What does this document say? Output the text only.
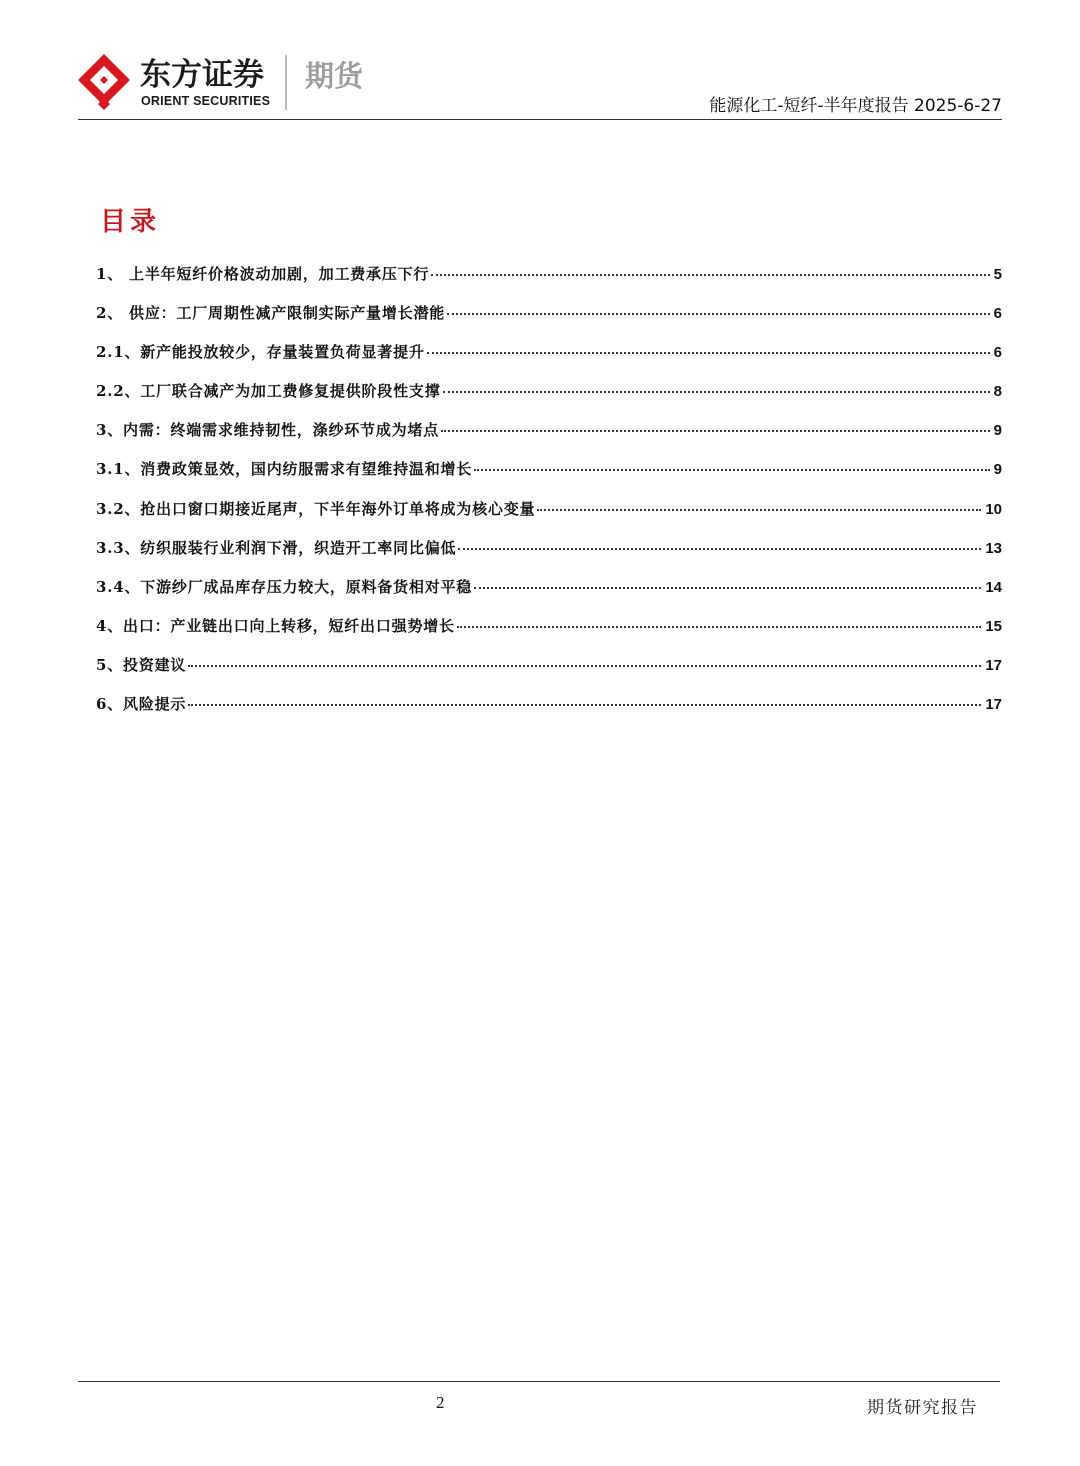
东方证券
ORIENT SECURITIES
期货
能源化工-短纤-半年度报告 2025-6-27
目录
1、 上半年短纤价格波动加剧，加工费承压下行	5
2、 供应：工厂周期性减产限制实际产量增长潜能	6
2.1、新产能投放较少，存量装置负荷显著提升	6
2.2、工厂联合减产为加工费修复提供阶段性支撑	8
3、内需：终端需求维持韧性，涤纱环节成为堵点	9
3.1、消费政策显效，国内纺服需求有望维持温和增长	9
3.2、抢出口窗口期接近尾声，下半年海外订单将成为核心变量	10
3.3、纺织服装行业利润下滑，织造开工率同比偏低	13
3.4、下游纱厂成品库存压力较大，原料备货相对平稳	14
4、出口：产业链出口向上转移，短纤出口强势增长	15
5、投资建议	17
6、风险提示	17
2	期货研究报告
